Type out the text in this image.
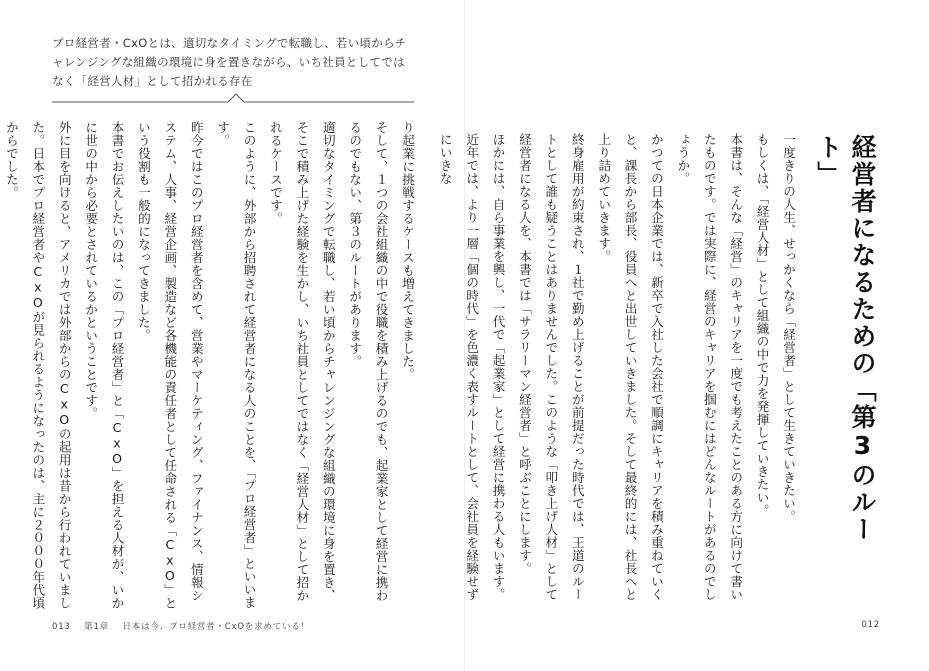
プロ経営者・CxOとは、適切なタイミングで転職し、若い頃からチャレンジングな組織の環境に身を置きながら、いち社員としてではなく「経営人材」として招かれる存在

り起業に挑戦するケースも増えてきました。

そして、１つの会社組織の中で役職を積み上げるのでも、起業家として経営に携わるのでもない、第３のルートがあります。

適切なタイミングで転職し、若い頃からチャレンジングな組織の環境に身を置き、そこで積み上げた経験を生かし、いち社員としてではなく「経営人材」として招かれるケースです。

このように、外部から招聘されて経営者になる人のことを、「プロ経営者」といいます。

昨今ではこのプロ経営者を含めて、営業やマーケティング、ファイナンス、情報システム、人事、経営企画、製造など各機能の責任者として任命される「CxO」という役割も一般的になってきました。

本書でお伝えしたいのは、この「プロ経営者」と「CxO」を担える人材が、いかに世の中から必要とされているかということです。

外に目を向けると、アメリカでは外部からのCxOの起用は昔から行われていました。日本でプロ経営者やCxOが見られるようになったのは、主に２０００年代頃からでした。

013 第1章 日本は今、プロ経営者・CxOを求めている！
経営者になるための「第3のルート」

一度きりの人生、せっかくなら「経営者」として生きていきたい。

もしくは、「経営人材」として組織の中で力を発揮していきたい。

本書は、そんな「経営」のキャリアを一度でも考えたことのある方に向けて書いたものです。では実際に、経営のキャリアを掴むにはどんなルートがあるのでしょうか。

かつての日本企業では、新卒で入社した会社で順調にキャリアを積み重ねていくと、課長から部長、役員へと出世していきました。そして最終的には、社長へと上り詰めていきます。

終身雇用が約束され、１社で勤め上げることが前提だった時代では、王道のルートとして誰も疑うことはありませんでした。このような「叩き上げ人材」として経営者になる人を、本書では「サラリーマン経営者」と呼ぶことにします。

ほかには、自ら事業を興し、一代で「起業家」として経営に携わる人もいます。

近年では、より一層「個の時代」を色濃く表すルートとして、会社員を経験せずにいきな

012
